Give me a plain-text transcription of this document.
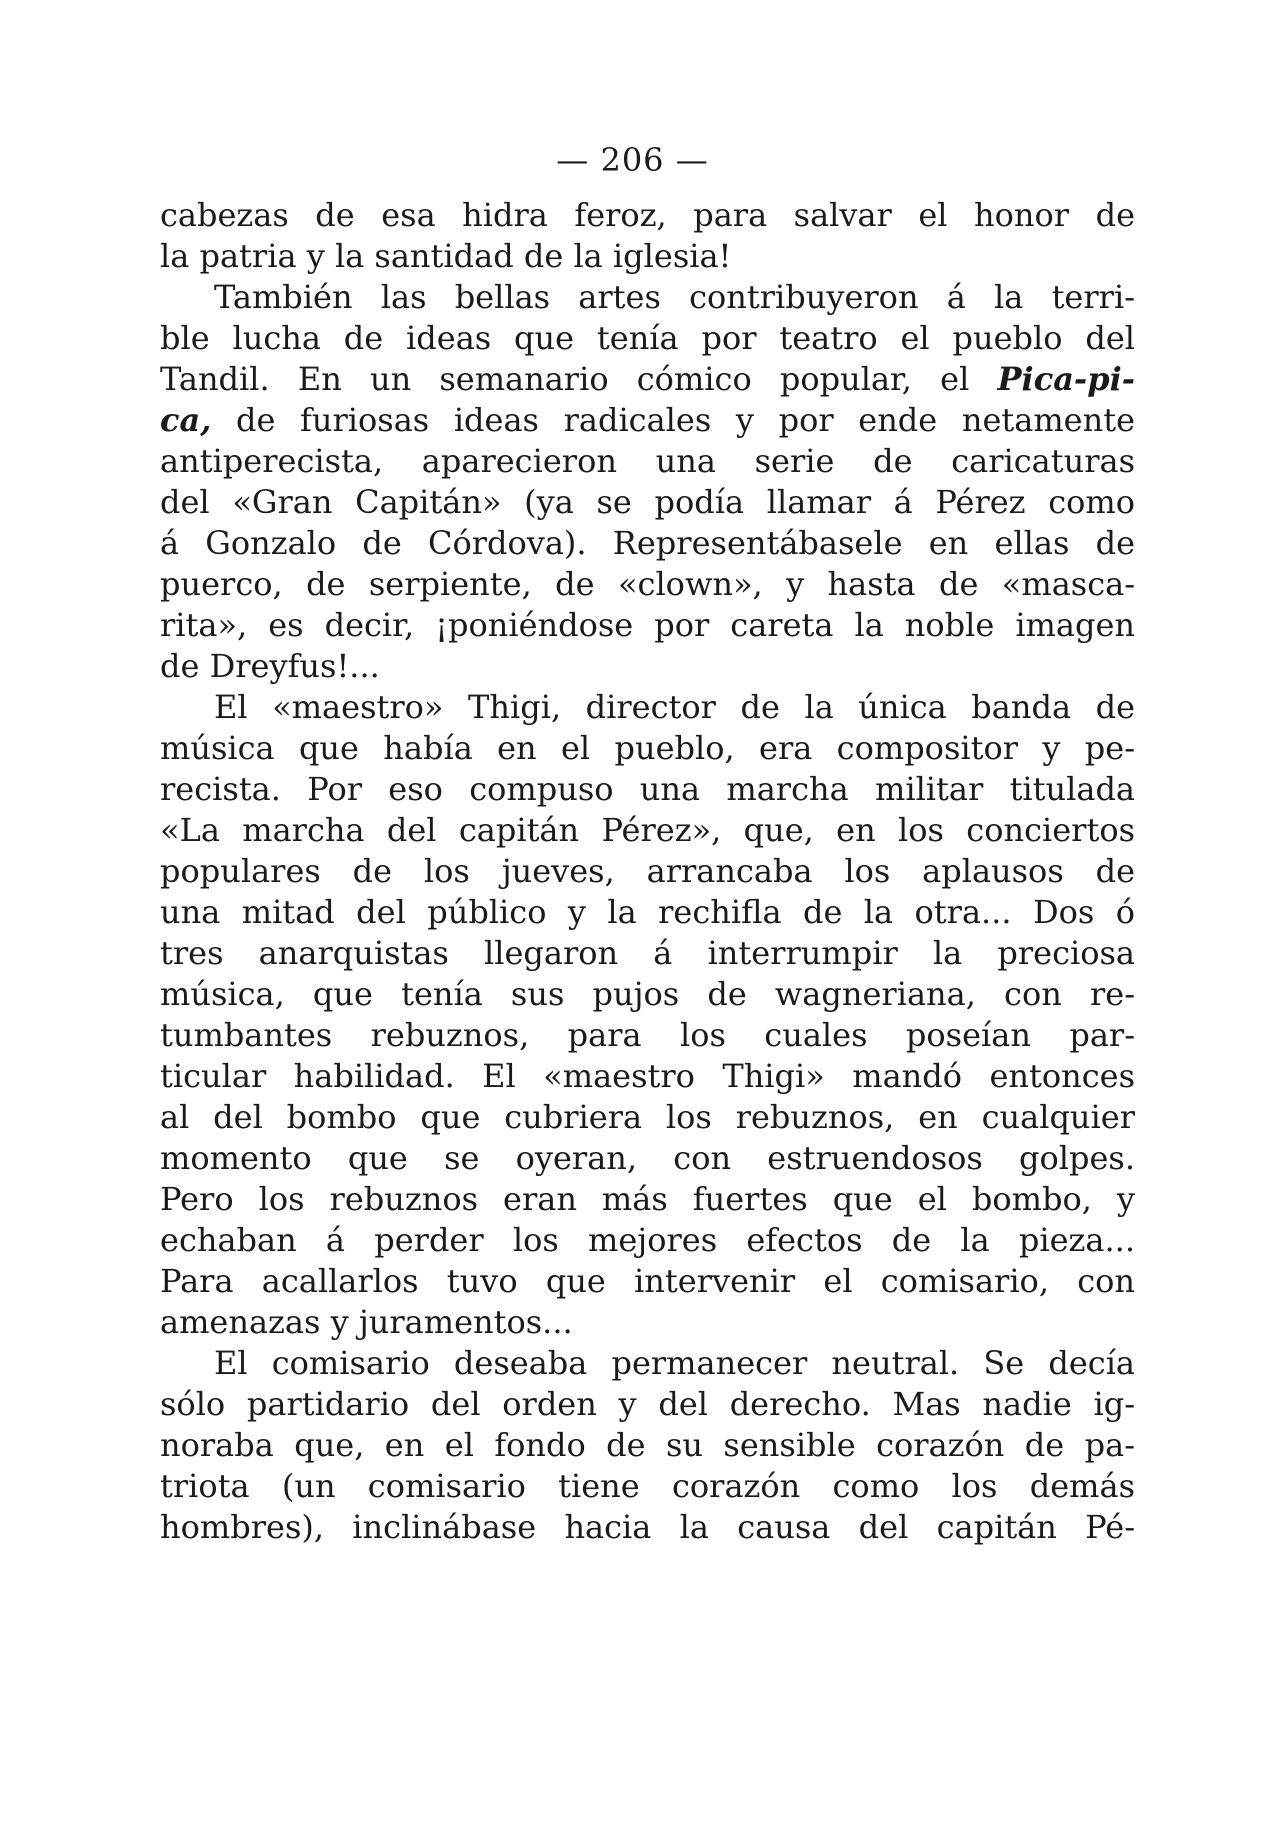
— 206 —
cabezas de esa hidra feroz, para salvar el honor de
la patria y la santidad de la iglesia!
También las bellas artes contribuyeron á la terri-
ble lucha de ideas que tenía por teatro el pueblo del
Tandil. En un semanario cómico popular, el Pica-pi-
ca, de furiosas ideas radicales y por ende netamente
antiperecista, aparecieron una serie de caricaturas
del «Gran Capitán» (ya se podía llamar á Pérez como
á Gonzalo de Córdova). Representábasele en ellas de
puerco, de serpiente, de «clown», y hasta de «masca-
rita», es decir, ¡poniéndose por careta la noble imagen
de Dreyfus!...
El «maestro» Thigi, director de la única banda de
música que había en el pueblo, era compositor y pe-
recista. Por eso compuso una marcha militar titulada
«La marcha del capitán Pérez», que, en los conciertos
populares de los jueves, arrancaba los aplausos de
una mitad del público y la rechifla de la otra... Dos ó
tres anarquistas llegaron á interrumpir la preciosa
música, que tenía sus pujos de wagneriana, con re-
tumbantes rebuznos, para los cuales poseían par-
ticular habilidad. El «maestro Thigi» mandó entonces
al del bombo que cubriera los rebuznos, en cualquier
momento que se oyeran, con estruendosos golpes.
Pero los rebuznos eran más fuertes que el bombo, y
echaban á perder los mejores efectos de la pieza...
Para acallarlos tuvo que intervenir el comisario, con
amenazas y juramentos...
El comisario deseaba permanecer neutral. Se decía
sólo partidario del orden y del derecho. Mas nadie ig-
noraba que, en el fondo de su sensible corazón de pa-
triota (un comisario tiene corazón como los demás
hombres), inclinábase hacia la causa del capitán Pé-
